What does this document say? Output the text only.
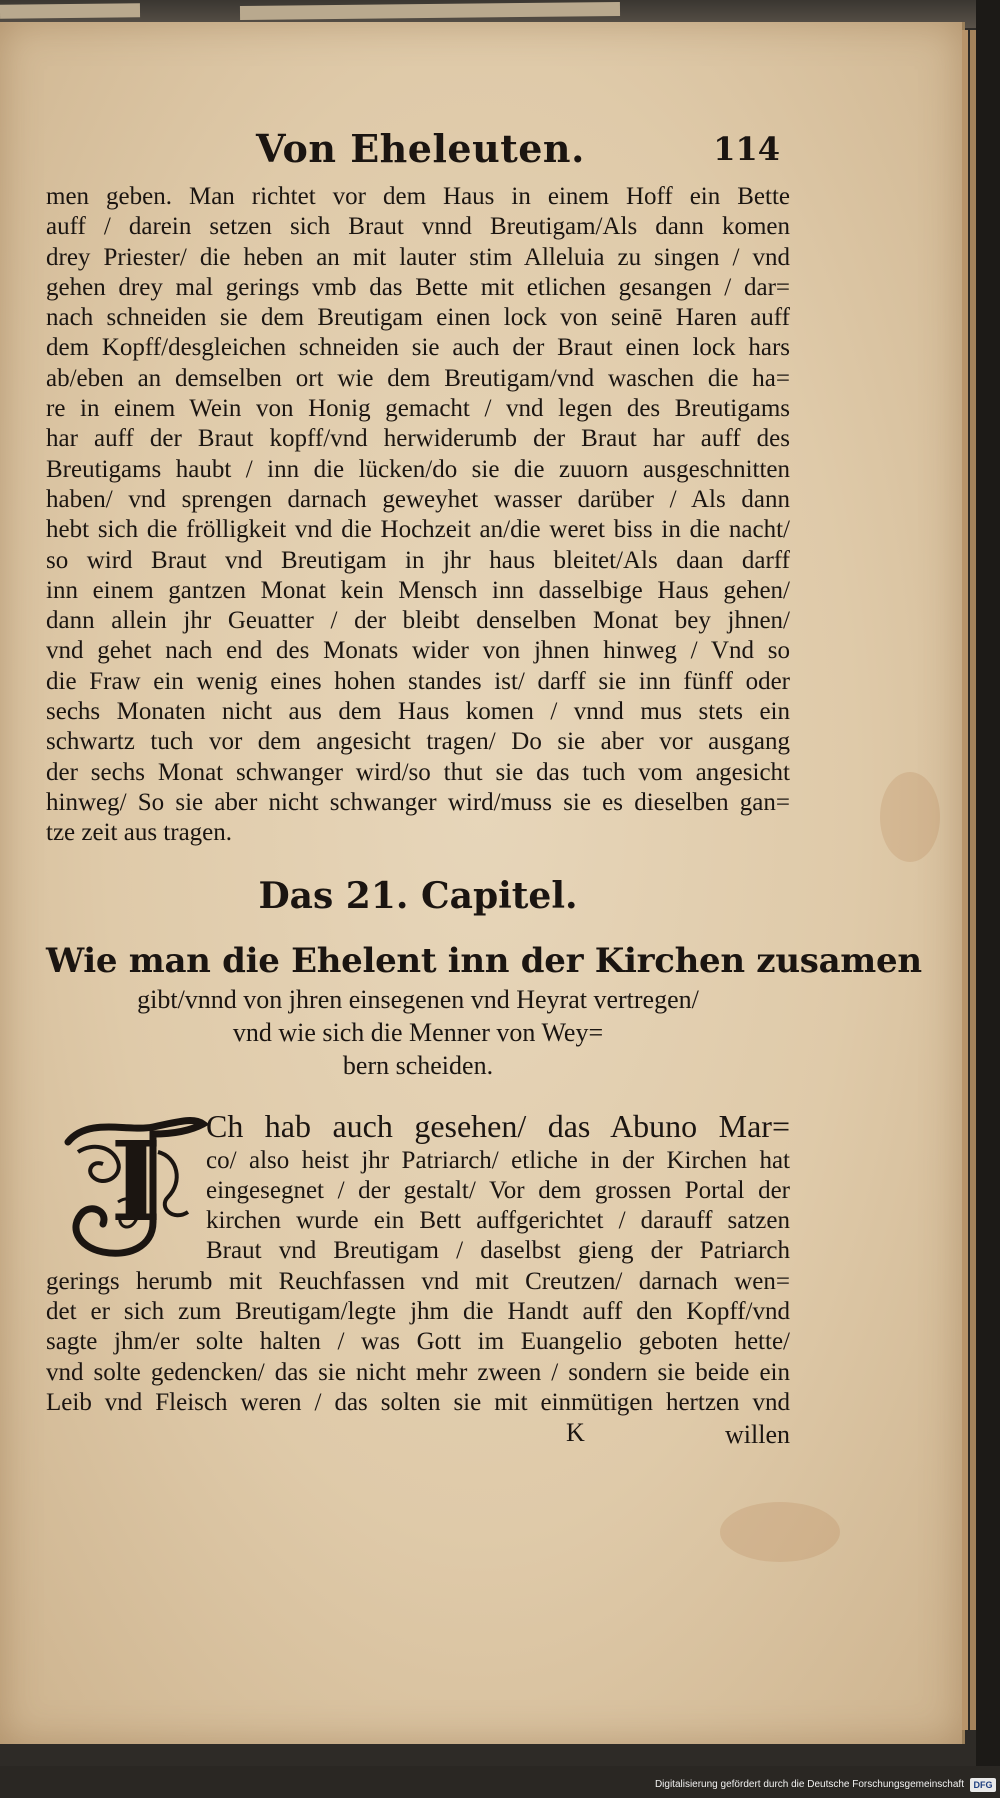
Von Eheleuten.	114
men geben. Man richtet vor dem Haus in einem Hoff ein Bette
auff / darein setzen sich Braut vnnd Breutigam/Als dann komen
drey Priester/ die heben an mit lauter stim Alleluia zu singen / vnd
gehen drey mal gerings vmb das Bette mit etlichen gesangen / dar=
nach schneiden sie dem Breutigam einen lock von seinē Haren auff
dem Kopff/desgleichen schneiden sie auch der Braut einen lock hars
ab/eben an demselben ort wie dem Breutigam/vnd waschen die ha=
re in einem Wein von Honig gemacht / vnd legen des Breutigams
har auff der Braut kopff/vnd herwiderumb der Braut har auff des
Breutigams haubt / inn die lücken/do sie die zuuorn ausgeschnitten
haben/ vnd sprengen darnach geweyhet wasser darüber / Als dann
hebt sich die frölligkeit vnd die Hochzeit an/die weret biss in die nacht/
so wird Braut vnd Breutigam in jhr haus bleitet/Als daan darff
inn einem gantzen Monat kein Mensch inn dasselbige Haus gehen/
dann allein jhr Geuatter / der bleibt denselben Monat bey jhnen/
vnd gehet nach end des Monats wider von jhnen hinweg / Vnd so
die Fraw ein wenig eines hohen standes ist/ darff sie inn fünff oder
sechs Monaten nicht aus dem Haus komen / vnnd mus stets ein
schwartz tuch vor dem angesicht tragen/ Do sie aber vor ausgang
der sechs Monat schwanger wird/so thut sie das tuch vom angesicht
hinweg/ So sie aber nicht schwanger wird/muss sie es dieselben gan=
tze zeit aus tragen.
Das 21. Capitel.
Wie man die Ehelent inn der Kirchen zusamen
gibt/vnnd von jhren einsegenen vnd Heyrat vertregen/
vnd wie sich die Menner von Wey=
bern scheiden.
I Ch hab auch gesehen/ das Abuno Mar=
co/ also heist jhr Patriarch/ etliche in der Kirchen hat
eingesegnet / der gestalt/ Vor dem grossen Portal der
kirchen wurde ein Bett auffgerichtet / darauff satzen
Braut vnd Breutigam / daselbst gieng der Patriarch
gerings herumb mit Reuchfassen vnd mit Creutzen/ darnach wen=
det er sich zum Breutigam/legte jhm die Handt auff den Kopff/vnd
sagte jhm/er solte halten / was Gott im Euangelio geboten hette/
vnd solte gedencken/ das sie nicht mehr zween / sondern sie beide ein
Leib vnd Fleisch weren / das solten sie mit einmütigen hertzen vnd
K	willen
Digitalisierung gefördert durch die Deutsche Forschungsgemeinschaft	DFG
